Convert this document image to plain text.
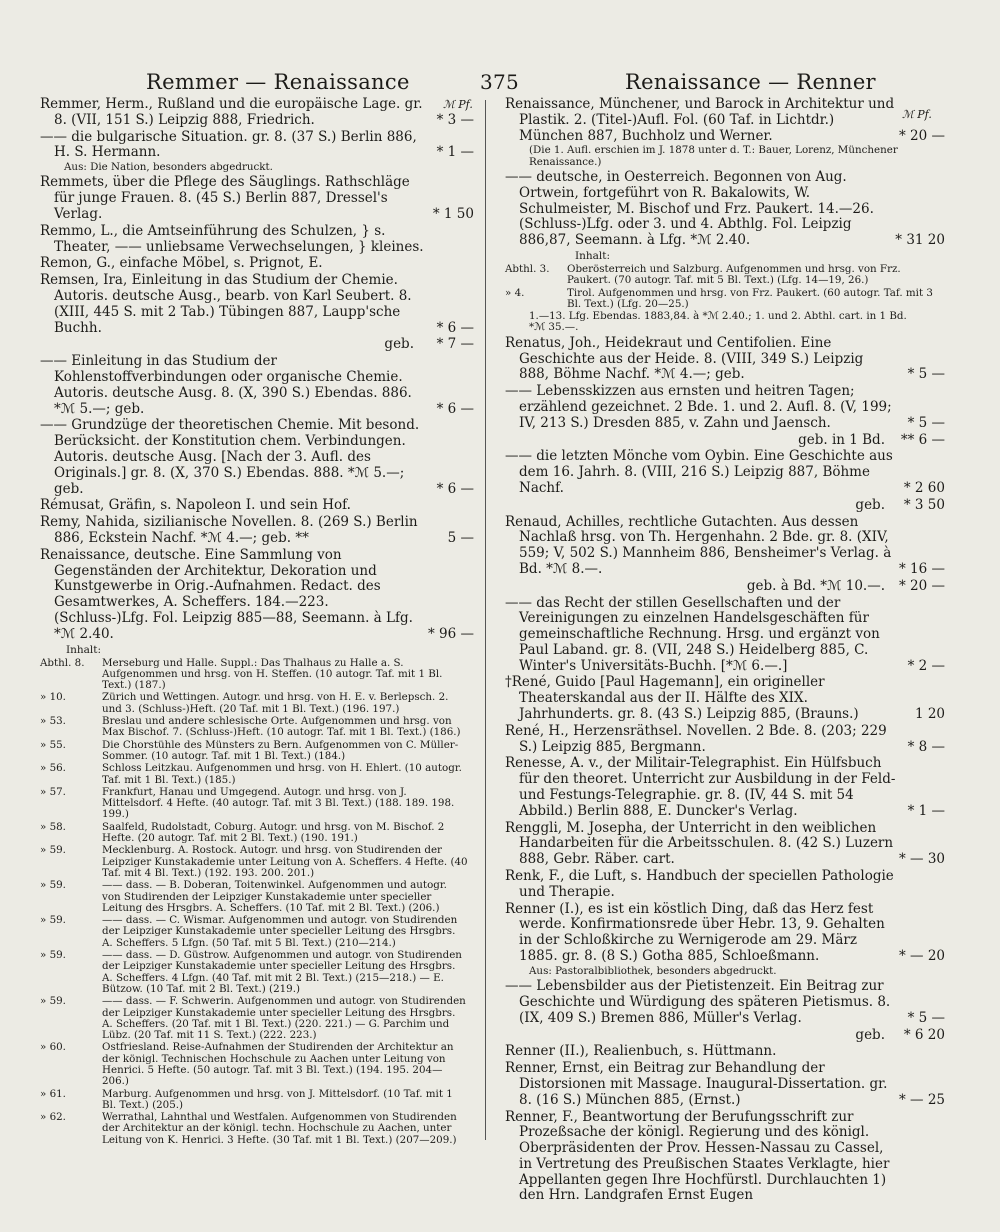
Remmer — Renaissance	375	Renaissance — Renner
ℳ Pf.
ℳ Pf.
Remmer, Herm., Rußland und die europäische Lage. gr. 8. (VII, 151 S.) Leipzig 888, Friedrich.	* 3 —
—— die bulgarische Situation. gr. 8. (37 S.) Berlin 886, H. S. Hermann.	* 1 —
Aus: Die Nation, besonders abgedruckt.
Remmets, über die Pflege des Säuglings. Rathschläge für junge Frauen. 8. (45 S.) Berlin 887, Dressel's Verlag.	* 1 50
Remmo, L., die Amtseinführung des Schulzen, } s. Theater, —— unliebsame Verwechselungen, } kleines.
Remon, G., einfache Möbel, s. Prignot, E.
Remsen, Ira, Einleitung in das Studium der Chemie. Autoris. deutsche Ausg., bearb. von Karl Seubert. 8. (XIII, 445 S. mit 2 Tab.) Tübingen 887, Laupp'sche Buchh.	* 6 —
geb. * 7 —
—— Einleitung in das Studium der Kohlenstoffverbindungen oder organische Chemie. Autoris. deutsche Ausg. 8. (X, 390 S.) Ebendas. 886. *ℳ 5.—; geb.	* 6 —
—— Grundzüge der theoretischen Chemie. Mit besond. Berücksicht. der Konstitution chem. Verbindungen. Autoris. deutsche Ausg. [Nach der 3. Aufl. des Originals.] gr. 8. (X, 370 S.) Ebendas. 888. *ℳ 5.—; geb.	* 6 —
Rémusat, Gräfin, s. Napoleon I. und sein Hof.
Remy, Nahida, sizilianische Novellen. 8. (269 S.) Berlin 886, Eckstein Nachf. *ℳ 4.—; geb. **	5 —
Renaissance, deutsche. Eine Sammlung von Gegenständen der Architektur, Dekoration und Kunstgewerbe in Orig.-Aufnahmen. Redact. des Gesamtwerkes, A. Scheffers. 184.—223. (Schluss-)Lfg. Fol. Leipzig 885—88, Seemann. à Lfg. *ℳ 2.40.	* 96 —
Inhalt:
Abthl. 8.	Merseburg und Halle. Suppl.: Das Thalhaus zu Halle a. S. Aufgenommen und hrsg. von H. Steffen. (10 autogr. Taf. mit 1 Bl. Text.) (187.)
» 10.	Zürich und Wettingen. Autogr. und hrsg. von H. E. v. Berlepsch. 2. und 3. (Schluss-)Heft. (20 Taf. mit 1 Bl. Text.) (196. 197.)
» 53.	Breslau und andere schlesische Orte. Aufgenommen und hrsg. von Max Bischof. 7. (Schluss-)Heft. (10 autogr. Taf. mit 1 Bl. Text.) (186.)
» 55.	Die Chorstühle des Münsters zu Bern. Aufgenommen von C. Müller-Sommer. (10 autogr. Taf. mit 1 Bl. Text.) (184.)
» 56.	Schloss Leitzkau. Aufgenommen und hrsg. von H. Ehlert. (10 autogr. Taf. mit 1 Bl. Text.) (185.)
» 57.	Frankfurt, Hanau und Umgegend. Autogr. und hrsg. von J. Mittelsdorf. 4 Hefte. (40 autogr. Taf. mit 3 Bl. Text.) (188. 189. 198. 199.)
» 58.	Saalfeld, Rudolstadt, Coburg. Autogr. und hrsg. von M. Bischof. 2 Hefte. (20 autogr. Taf. mit 2 Bl. Text.) (190. 191.)
» 59.	Mecklenburg. A. Rostock. Autogr. und hrsg. von Studirenden der Leipziger Kunstakademie unter Leitung von A. Scheffers. 4 Hefte. (40 Taf. mit 4 Bl. Text.) (192. 193. 200. 201.)
» 59.	—— dass. — B. Doberan, Toitenwinkel. Aufgenommen und autogr. von Studirenden der Leipziger Kunstakademie unter specieller Leitung des Hrsgbrs. A. Scheffers. (10 Taf. mit 2 Bl. Text.) (206.)
» 59.	—— dass. — C. Wismar. Aufgenommen und autogr. von Studirenden der Leipziger Kunstakademie unter specieller Leitung des Hrsgbrs. A. Scheffers. 5 Lfgn. (50 Taf. mit 5 Bl. Text.) (210—214.)
» 59.	—— dass. — D. Güstrow. Aufgenommen und autogr. von Studirenden der Leipziger Kunstakademie unter specieller Leitung des Hrsgbrs. A. Scheffers. 4 Lfgn. (40 Taf. mit mit 2 Bl. Text.) (215—218.) — E. Bützow. (10 Taf. mit 2 Bl. Text.) (219.)
» 59.	—— dass. — F. Schwerin. Aufgenommen und autogr. von Studirenden der Leipziger Kunstakademie unter specieller Leitung des Hrsgbrs. A. Scheffers. (20 Taf. mit 1 Bl. Text.) (220. 221.) — G. Parchim und Lübz. (20 Taf. mit 11 S. Text.) (222. 223.)
» 60.	Ostfriesland. Reise-Aufnahmen der Studirenden der Architektur an der königl. Technischen Hochschule zu Aachen unter Leitung von Henrici. 5 Hefte. (50 autogr. Taf. mit 3 Bl. Text.) (194. 195. 204—206.)
» 61.	Marburg. Aufgenommen und hrsg. von J. Mittelsdorf. (10 Taf. mit 1 Bl. Text.) (205.)
» 62.	Werrathal, Lahnthal und Westfalen. Aufgenommen von Studirenden der Architektur an der königl. techn. Hochschule zu Aachen, unter Leitung von K. Henrici. 3 Hefte. (30 Taf. mit 1 Bl. Text.) (207—209.)
Renaissance, Münchener, und Barock in Architektur und Plastik. 2. (Titel-)Aufl. Fol. (60 Taf. in Lichtdr.) München 887, Buchholz und Werner.	* 20 —
(Die 1. Aufl. erschien im J. 1878 unter d. T.: Bauer, Lorenz, Münchener Renaissance.)
—— deutsche, in Oesterreich. Begonnen von Aug. Ortwein, fortgeführt von R. Bakalowits, W. Schulmeister, M. Bischof und Frz. Paukert. 14.—26. (Schluss-)Lfg. oder 3. und 4. Abthlg. Fol. Leipzig 886,87, Seemann. à Lfg. *ℳ 2.40.	* 31 20
Inhalt:
Abthl. 3.	Oberösterreich und Salzburg. Aufgenommen und hrsg. von Frz. Paukert. (70 autogr. Taf. mit 5 Bl. Text.) (Lfg. 14—19, 26.)
» 4.	Tirol. Aufgenommen und hrsg. von Frz. Paukert. (60 autogr. Taf. mit 3 Bl. Text.) (Lfg. 20—25.)
1.—13. Lfg. Ebendas. 1883,84. à *ℳ 2.40.; 1. und 2. Abthl. cart. in 1 Bd. *ℳ 35.—.
Renatus, Joh., Heidekraut und Centifolien. Eine Geschichte aus der Heide. 8. (VIII, 349 S.) Leipzig 888, Böhme Nachf. *ℳ 4.—; geb.	* 5 —
—— Lebensskizzen aus ernsten und heitren Tagen; erzählend gezeichnet. 2 Bde. 1. und 2. Aufl. 8. (V, 199; IV, 213 S.) Dresden 885, v. Zahn und Jaensch.	* 5 —
geb. in 1 Bd. ** 6 —
—— die letzten Mönche vom Oybin. Eine Geschichte aus dem 16. Jahrh. 8. (VIII, 216 S.) Leipzig 887, Böhme Nachf.	* 2 60
geb. * 3 50
Renaud, Achilles, rechtliche Gutachten. Aus dessen Nachlaß hrsg. von Th. Hergenhahn. 2 Bde. gr. 8. (XIV, 559; V, 502 S.) Mannheim 886, Bensheimer's Verlag. à Bd. *ℳ 8.—.	* 16 —
geb. à Bd. *ℳ 10.—. * 20 —
—— das Recht der stillen Gesellschaften und der Vereinigungen zu einzelnen Handelsgeschäften für gemeinschaftliche Rechnung. Hrsg. und ergänzt von Paul Laband. gr. 8. (VII, 248 S.) Heidelberg 885, C. Winter's Universitäts-Buchh. [*ℳ 6.—.]	* 2 —
†René, Guido [Paul Hagemann], ein origineller Theaterskandal aus der II. Hälfte des XIX. Jahrhunderts. gr. 8. (43 S.) Leipzig 885, (Brauns.)	1 20
René, H., Herzensräthsel. Novellen. 2 Bde. 8. (203; 229 S.) Leipzig 885, Bergmann.	* 8 —
Renesse, A. v., der Militair-Telegraphist. Ein Hülfsbuch für den theoret. Unterricht zur Ausbildung in der Feld- und Festungs-Telegraphie. gr. 8. (IV, 44 S. mit 54 Abbild.) Berlin 888, E. Duncker's Verlag.	* 1 —
Renggli, M. Josepha, der Unterricht in den weiblichen Handarbeiten für die Arbeitsschulen. 8. (42 S.) Luzern 888, Gebr. Räber. cart.	* — 30
Renk, F., die Luft, s. Handbuch der speciellen Pathologie und Therapie.
Renner (I.), es ist ein köstlich Ding, daß das Herz fest werde. Konfirmationsrede über Hebr. 13, 9. Gehalten in der Schloßkirche zu Wernigerode am 29. März 1885. gr. 8. (8 S.) Gotha 885, Schloeßmann.	* — 20
Aus: Pastoralbibliothek, besonders abgedruckt.
—— Lebensbilder aus der Pietistenzeit. Ein Beitrag zur Geschichte und Würdigung des späteren Pietismus. 8. (IX, 409 S.) Bremen 886, Müller's Verlag.	* 5 —
geb. * 6 20
Renner (II.), Realienbuch, s. Hüttmann.
Renner, Ernst, ein Beitrag zur Behandlung der Distorsionen mit Massage. Inaugural-Dissertation. gr. 8. (16 S.) München 885, (Ernst.)	* — 25
Renner, F., Beantwortung der Berufungsschrift zur Prozeßsache der königl. Regierung und des königl. Oberpräsidenten der Prov. Hessen-Nassau zu Cassel, in Vertretung des Preußischen Staates Verklagte, hier Appellanten gegen Ihre Hochfürstl. Durchlauchten 1) den Hrn. Landgrafen Ernst Eugen
